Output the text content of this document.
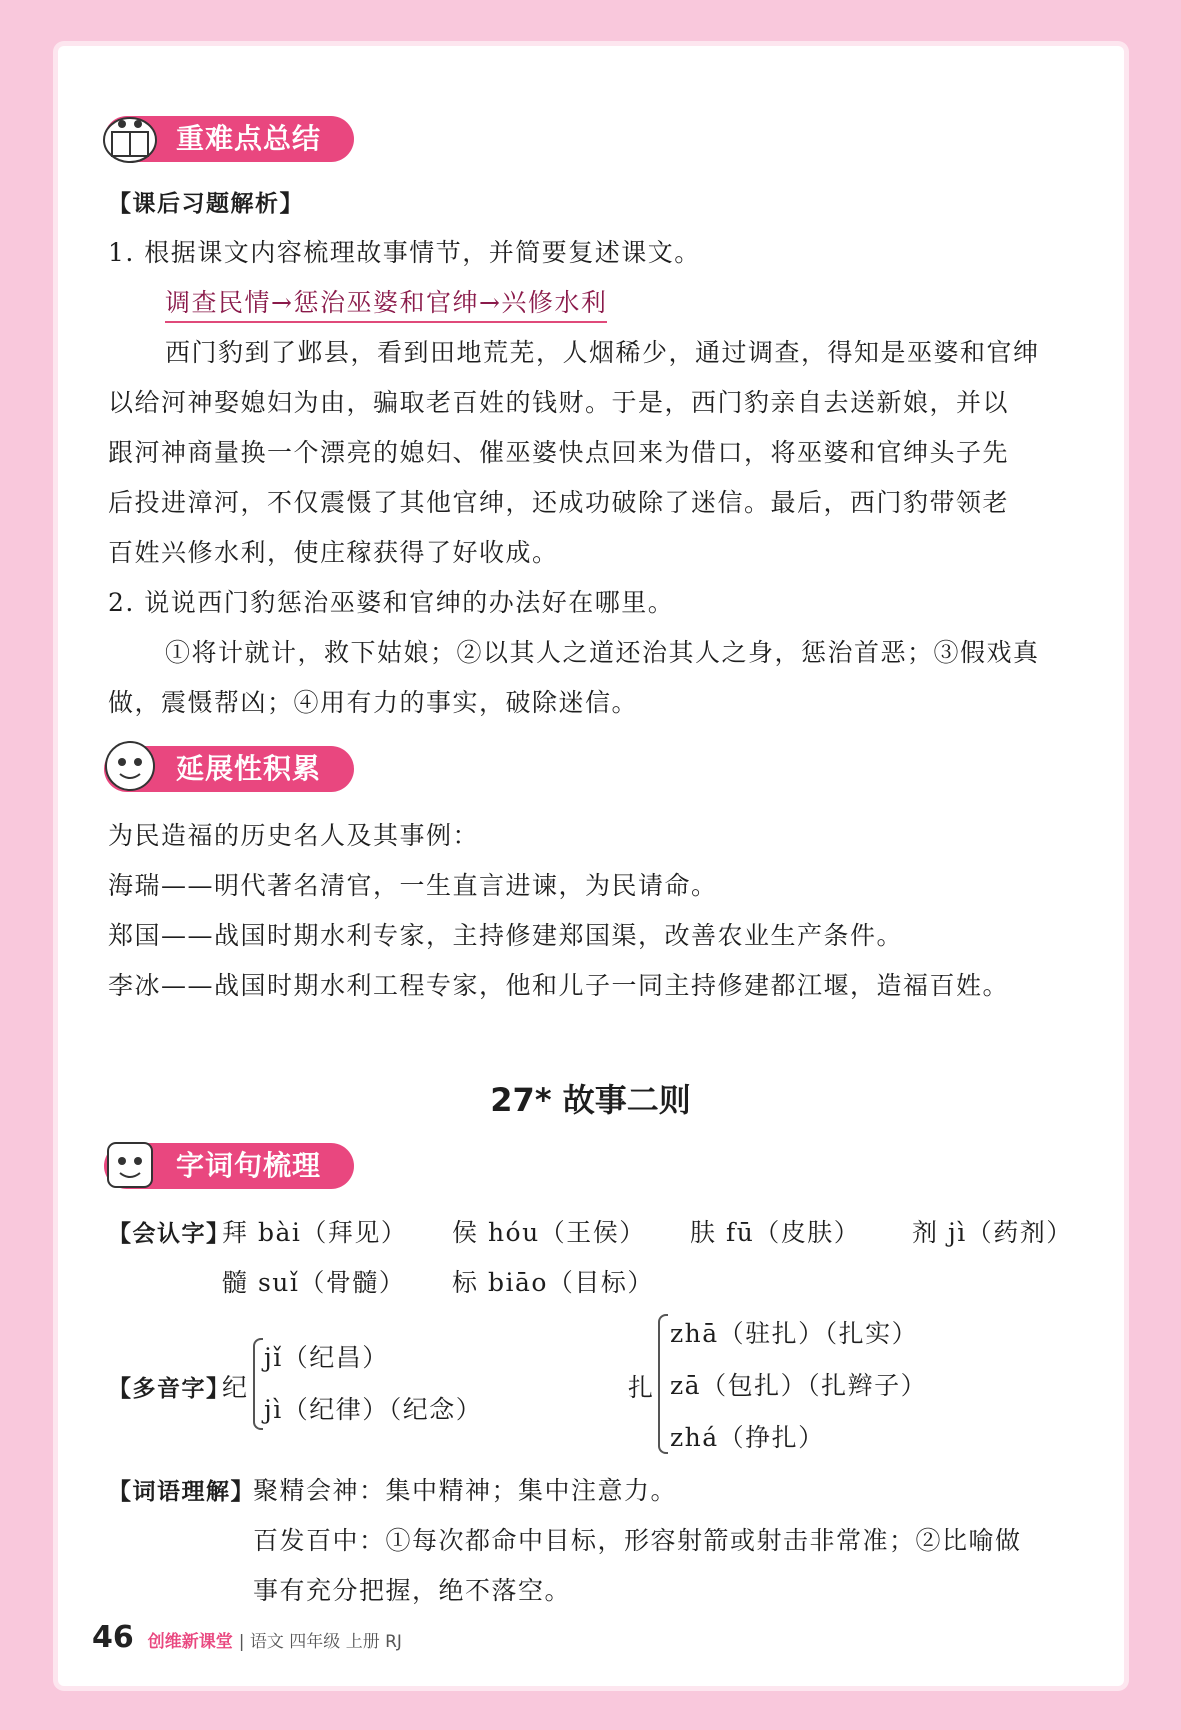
重难点总结
【课后习题解析】
1. 根据课文内容梳理故事情节，并简要复述课文。
调查民情→惩治巫婆和官绅→兴修水利
西门豹到了邺县，看到田地荒芜，人烟稀少，通过调查，得知是巫婆和官绅
以给河神娶媳妇为由，骗取老百姓的钱财。于是，西门豹亲自去送新娘，并以
跟河神商量换一个漂亮的媳妇、催巫婆快点回来为借口，将巫婆和官绅头子先
后投进漳河，不仅震慑了其他官绅，还成功破除了迷信。最后，西门豹带领老
百姓兴修水利，使庄稼获得了好收成。
2. 说说西门豹惩治巫婆和官绅的办法好在哪里。
①将计就计，救下姑娘；②以其人之道还治其人之身，惩治首恶；③假戏真
做，震慑帮凶；④用有力的事实，破除迷信。
延展性积累
为民造福的历史名人及其事例：
海瑞——明代著名清官，一生直言进谏，为民请命。
郑国——战国时期水利专家，主持修建郑国渠，改善农业生产条件。
李冰——战国时期水利工程专家，他和儿子一同主持修建都江堰，造福百姓。
27* 故事二则
字词句梳理
【会认字】
拜 bài（拜见） 侯 hóu（王侯） 肤 fū（皮肤） 剂 jì（药剂）
髓 suǐ（骨髓） 标 biāo（目标）
【多音字】
纪
jǐ（纪昌）
jì（纪律）（纪念）
扎
zhā（驻扎）（扎实）
zā（包扎）（扎辫子）
zhá（挣扎）
【词语理解】
聚精会神：集中精神；集中注意力。
百发百中：①每次都命中目标，形容射箭或射击非常准；②比喻做
事有充分把握，绝不落空。
46 创维新课堂 | 语文 四年级 上册 RJ
